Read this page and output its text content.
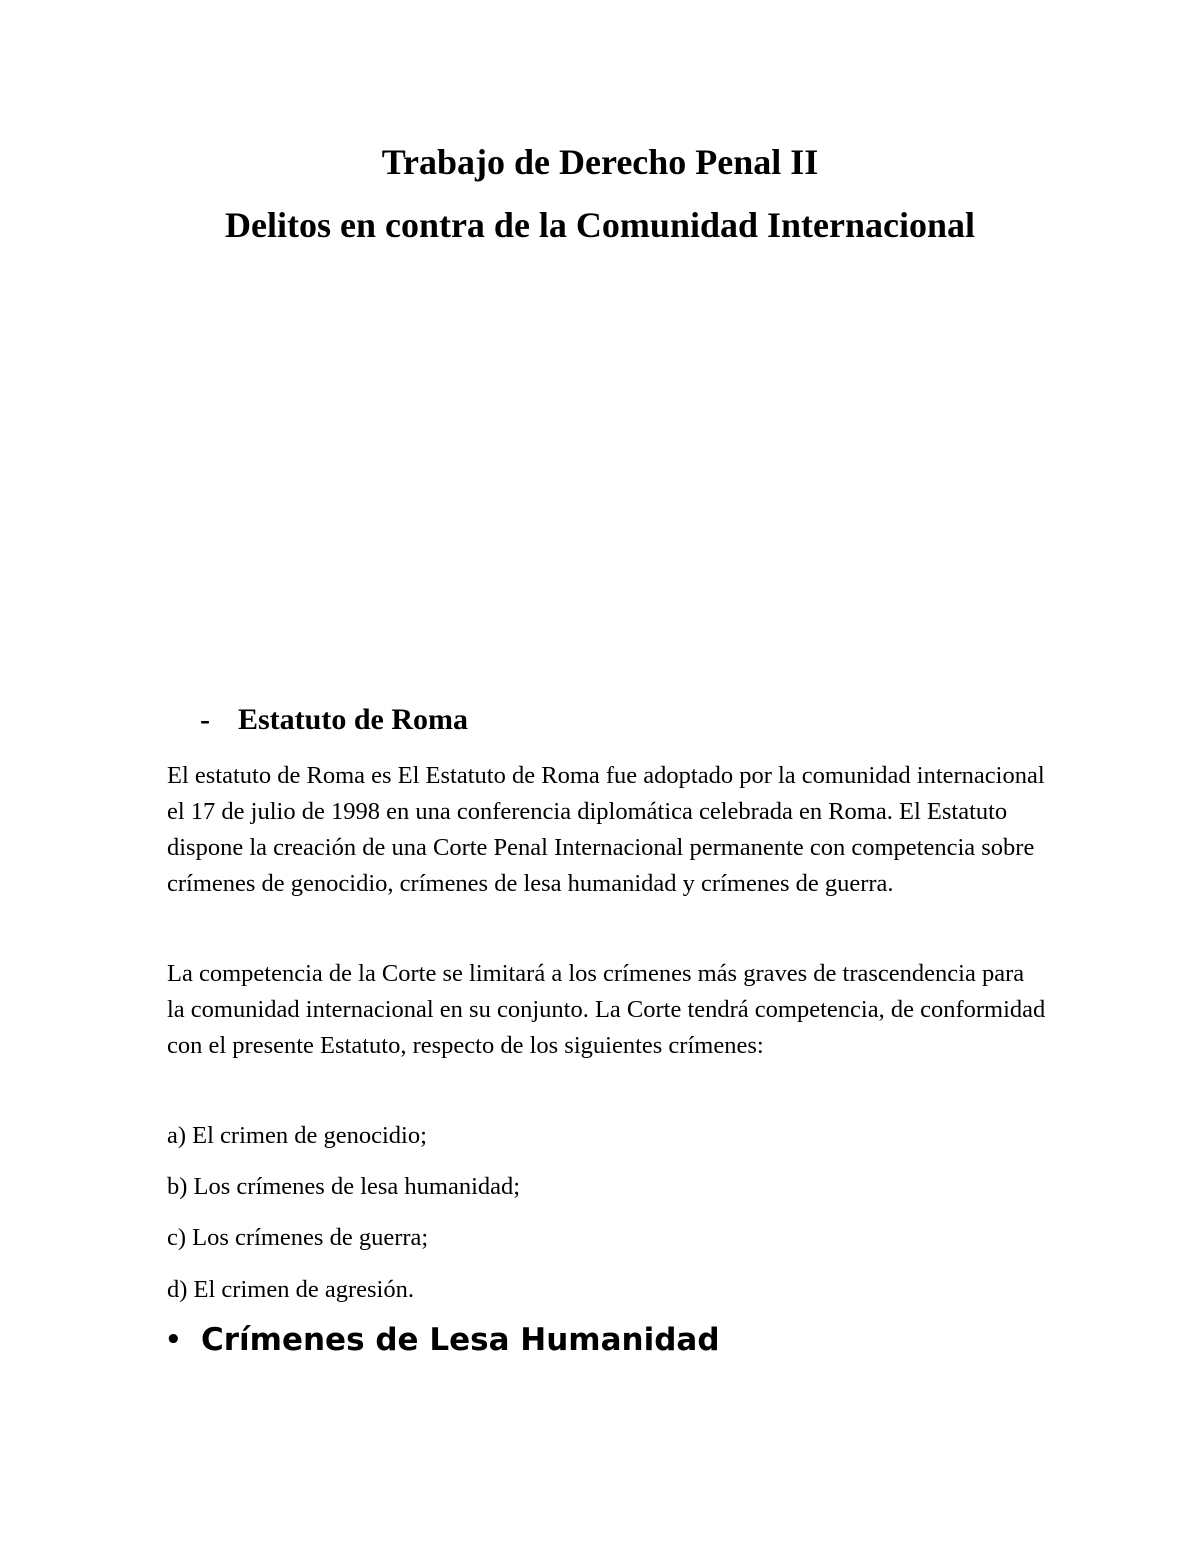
Trabajo de Derecho Penal II
Delitos en contra de la Comunidad Internacional
- Estatuto de Roma

El estatuto de Roma es El Estatuto de Roma fue adoptado por la comunidad internacional el 17 de julio de 1998 en una conferencia diplomática celebrada en Roma. El Estatuto dispone la creación de una Corte Penal Internacional permanente con competencia sobre crímenes de genocidio, crímenes de lesa humanidad y crímenes de guerra.

La competencia de la Corte se limitará a los crímenes más graves de trascendencia para la comunidad internacional en su conjunto. La Corte tendrá competencia, de conformidad con el presente Estatuto, respecto de los siguientes crímenes:

a) El crimen de genocidio;

b) Los crímenes de lesa humanidad;

c) Los crímenes de guerra;

d) El crimen de agresión.

• Crímenes de Lesa Humanidad
